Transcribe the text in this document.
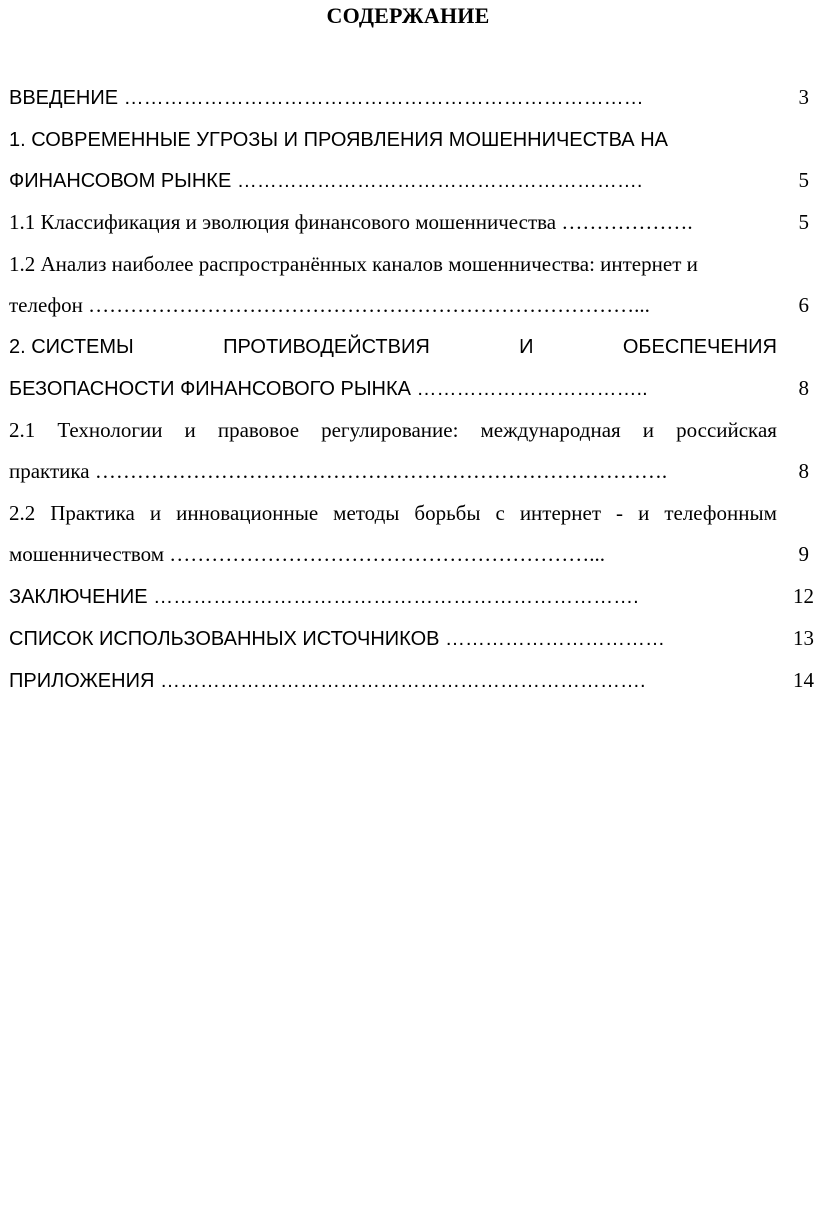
СОДЕРЖАНИЕ
ВВЕДЕНИЕ ……………………………………………………………………	3
1. СОВРЕМЕННЫЕ УГРОЗЫ И ПРОЯВЛЕНИЯ МОШЕННИЧЕСТВА НА
ФИНАНСОВОМ РЫНКЕ …………………………………………………….	5
1.1 Классификация и эволюция финансового мошенничества ……………….	5
1.2 Анализ наиболее распространённых каналов мошенничества: интернет и
телефон ……………………………………………………………………...	6
2. СИСТЕМЫ	ПРОТИВОДЕЙСТВИЯ	И	ОБЕСПЕЧЕНИЯ
БЕЗОПАСНОСТИ ФИНАНСОВОГО РЫНКА ……………………………..	8
2.1 Технологии и правовое регулирование: международная и российская
практика ……………………………………………………………………….	8
2.2 Практика и инновационные методы борьбы с интернет - и телефонным
мошенничеством ……………………………………………………...	9
ЗАКЛЮЧЕНИЕ ……………………………………………………………….	12
СПИСОК ИСПОЛЬЗОВАННЫХ ИСТОЧНИКОВ ……………………………	13
ПРИЛОЖЕНИЯ ……………………………………………………………….	14
